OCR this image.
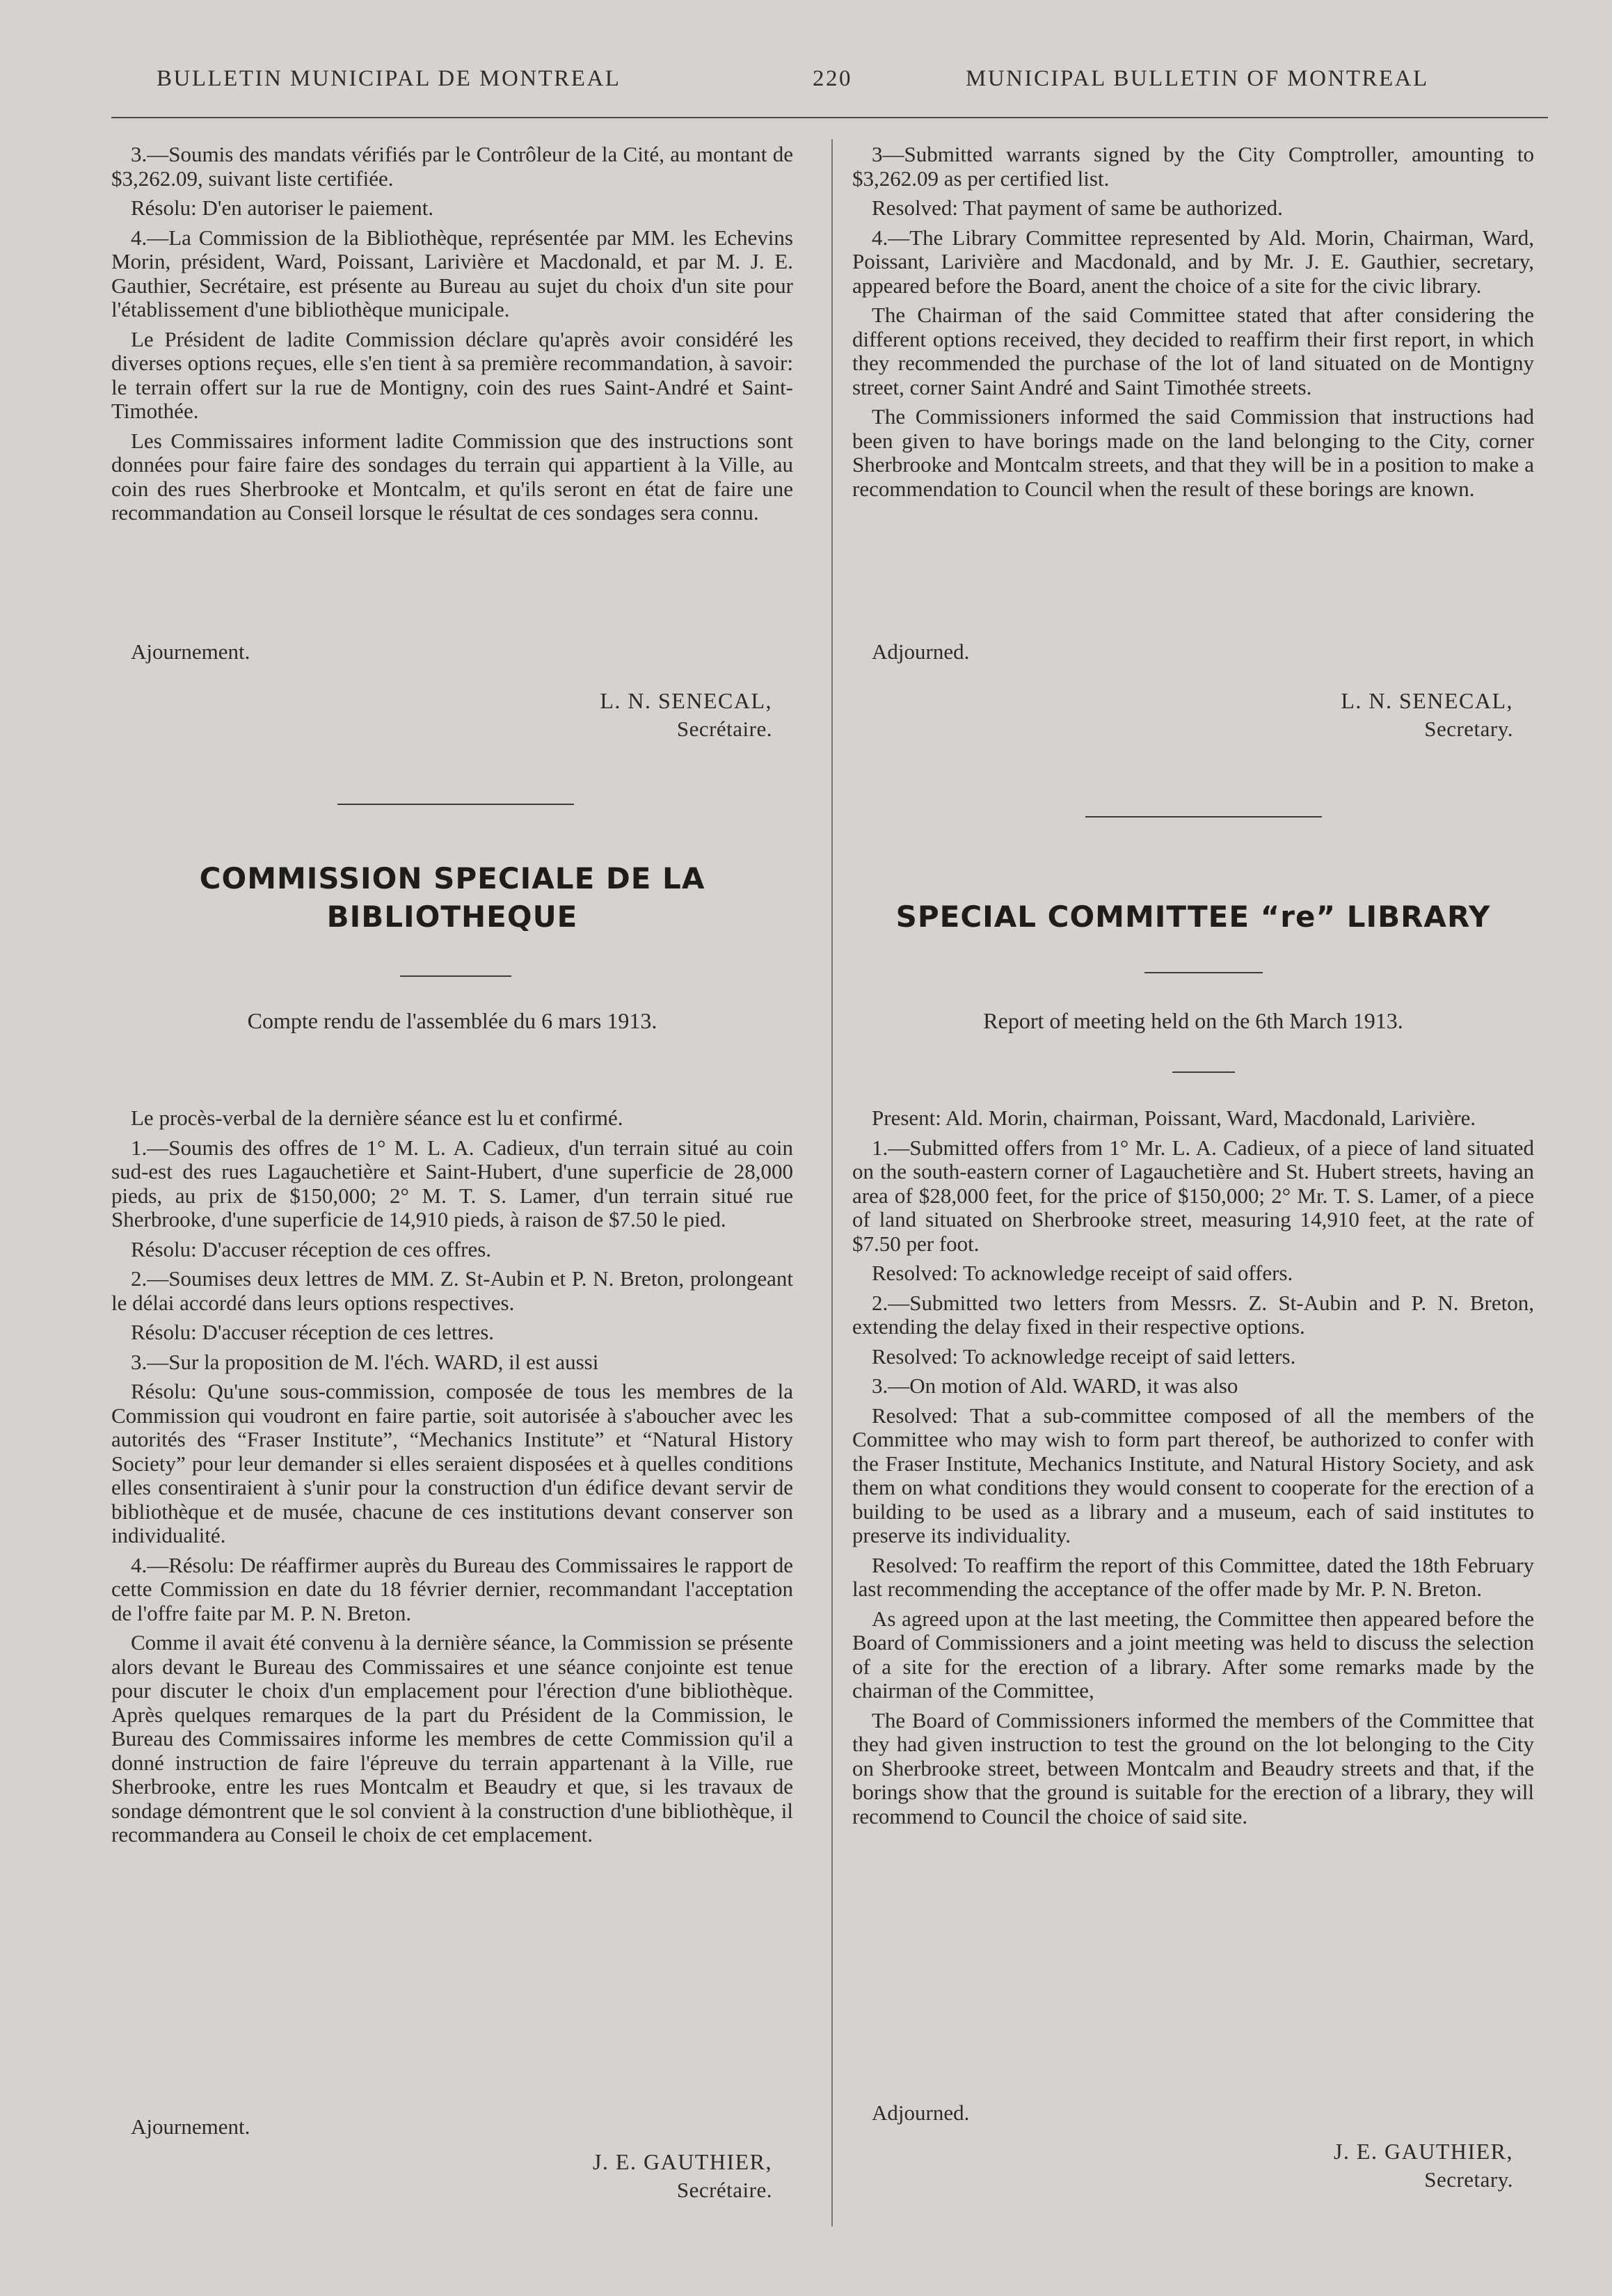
BULLETIN MUNICIPAL DE MONTREAL	220	MUNICIPAL BULLETIN OF MONTREAL

3.—Soumis des mandats vérifiés par le Contrôleur de la Cité, au montant de $3,262.09, suivant liste certifiée.

Résolu: D'en autoriser le paiement.

4.—La Commission de la Bibliothèque, représentée par MM. les Echevins Morin, président, Ward, Poissant, Larivière et Macdonald, et par M. J. E. Gauthier, Secrétaire, est présente au Bureau au sujet du choix d'un site pour l'établissement d'une bibliothèque municipale.

Le Président de ladite Commission déclare qu'après avoir considéré les diverses options reçues, elle s'en tient à sa première recommandation, à savoir: le terrain offert sur la rue de Montigny, coin des rues Saint-André et Saint-Timothée.

Les Commissaires informent ladite Commission que des instructions sont données pour faire faire des sondages du terrain qui appartient à la Ville, au coin des rues Sherbrooke et Montcalm, et qu'ils seront en état de faire une recommandation au Conseil lorsque le résultat de ces sondages sera connu.

Ajournement.
L. N. SENECAL,
Secrétaire.
COMMISSION SPECIALE DE LA BIBLIOTHEQUE
Compte rendu de l'assemblée du 6 mars 1913.

Le procès-verbal de la dernière séance est lu et confirmé.

1.—Soumis des offres de 1° M. L. A. Cadieux, d'un terrain situé au coin sud-est des rues Lagauchetière et Saint-Hubert, d'une superficie de 28,000 pieds, au prix de $150,000; 2° M. T. S. Lamer, d'un terrain situé rue Sherbrooke, d'une superficie de 14,910 pieds, à raison de $7.50 le pied.

Résolu: D'accuser réception de ces offres.

2.—Soumises deux lettres de MM. Z. St-Aubin et P. N. Breton, prolongeant le délai accordé dans leurs options respectives.

Résolu: D'accuser réception de ces lettres.

3.—Sur la proposition de M. l'éch. WARD, il est aussi

Résolu: Qu'une sous-commission, composée de tous les membres de la Commission qui voudront en faire partie, soit autorisée à s'aboucher avec les autorités des “Fraser Institute”, “Mechanics Institute” et “Natural History Society” pour leur demander si elles seraient disposées et à quelles conditions elles consentiraient à s'unir pour la construction d'un édifice devant servir de bibliothèque et de musée, chacune de ces institutions devant conserver son individualité.

4.—Résolu: De réaffirmer auprès du Bureau des Commissaires le rapport de cette Commission en date du 18 février dernier, recommandant l'acceptation de l'offre faite par M. P. N. Breton.

Comme il avait été convenu à la dernière séance, la Commission se présente alors devant le Bureau des Commissaires et une séance conjointe est tenue pour discuter le choix d'un emplacement pour l'érection d'une bibliothèque. Après quelques remarques de la part du Président de la Commission, le Bureau des Commissaires informe les membres de cette Commission qu'il a donné instruction de faire l'épreuve du terrain appartenant à la Ville, rue Sherbrooke, entre les rues Montcalm et Beaudry et que, si les travaux de sondage démontrent que le sol convient à la construction d'une bibliothèque, il recommandera au Conseil le choix de cet emplacement.

Ajournement.
J. E. GAUTHIER,
Secrétaire.

3—Submitted warrants signed by the City Comptroller, amounting to $3,262.09 as per certified list.

Resolved: That payment of same be authorized.

4.—The Library Committee represented by Ald. Morin, Chairman, Ward, Poissant, Larivière and Macdonald, and by Mr. J. E. Gauthier, secretary, appeared before the Board, anent the choice of a site for the civic library.

The Chairman of the said Committee stated that after considering the different options received, they decided to reaffirm their first report, in which they recommended the purchase of the lot of land situated on de Montigny street, corner Saint André and Saint Timothée streets.

The Commissioners informed the said Commission that instructions had been given to have borings made on the land belonging to the City, corner Sherbrooke and Montcalm streets, and that they will be in a position to make a recommendation to Council when the result of these borings are known.

Adjourned.
L. N. SENECAL,
Secretary.
SPECIAL COMMITTEE “re” LIBRARY
Report of meeting held on the 6th March 1913.

Present: Ald. Morin, chairman, Poissant, Ward, Macdonald, Larivière.

1.—Submitted offers from 1° Mr. L. A. Cadieux, of a piece of land situated on the south-eastern corner of Lagauchetière and St. Hubert streets, having an area of $28,000 feet, for the price of $150,000; 2° Mr. T. S. Lamer, of a piece of land situated on Sherbrooke street, measuring 14,910 feet, at the rate of $7.50 per foot.

Resolved: To acknowledge receipt of said offers.

2.—Submitted two letters from Messrs. Z. St-Aubin and P. N. Breton, extending the delay fixed in their respective options.

Resolved: To acknowledge receipt of said letters.

3.—On motion of Ald. WARD, it was also

Resolved: That a sub-committee composed of all the members of the Committee who may wish to form part thereof, be authorized to confer with the Fraser Institute, Mechanics Institute, and Natural History Society, and ask them on what conditions they would consent to cooperate for the erection of a building to be used as a library and a museum, each of said institutes to preserve its individuality.

Resolved: To reaffirm the report of this Committee, dated the 18th February last recommending the acceptance of the offer made by Mr. P. N. Breton.

As agreed upon at the last meeting, the Committee then appeared before the Board of Commissioners and a joint meeting was held to discuss the selection of a site for the erection of a library. After some remarks made by the chairman of the Committee,

The Board of Commissioners informed the members of the Committee that they had given instruction to test the ground on the lot belonging to the City on Sherbrooke street, between Montcalm and Beaudry streets and that, if the borings show that the ground is suitable for the erection of a library, they will recommend to Council the choice of said site.

Adjourned.
J. E. GAUTHIER,
Secretary.
